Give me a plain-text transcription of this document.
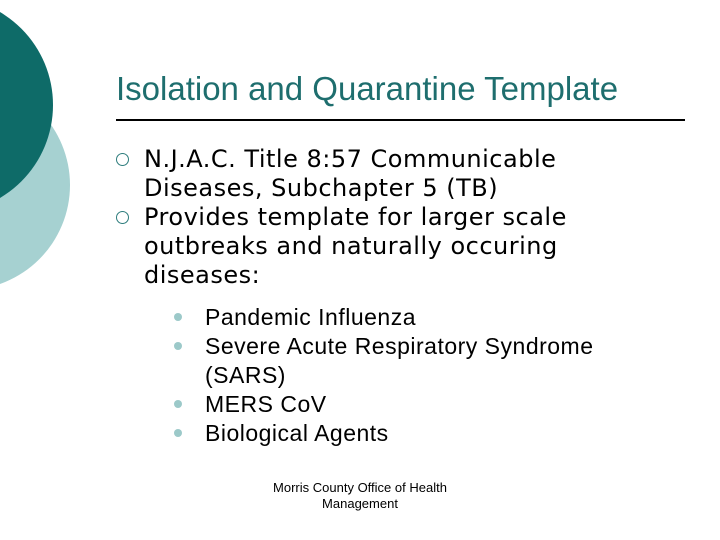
Isolation and Quarantine Template
N.J.A.C. Title 8:57 Communicable Diseases, Subchapter 5 (TB)
Provides template for larger scale outbreaks and naturally occuring diseases:
Pandemic Influenza
Severe Acute Respiratory Syndrome (SARS)
MERS CoV
Biological Agents
Morris County Office of Health
Management
